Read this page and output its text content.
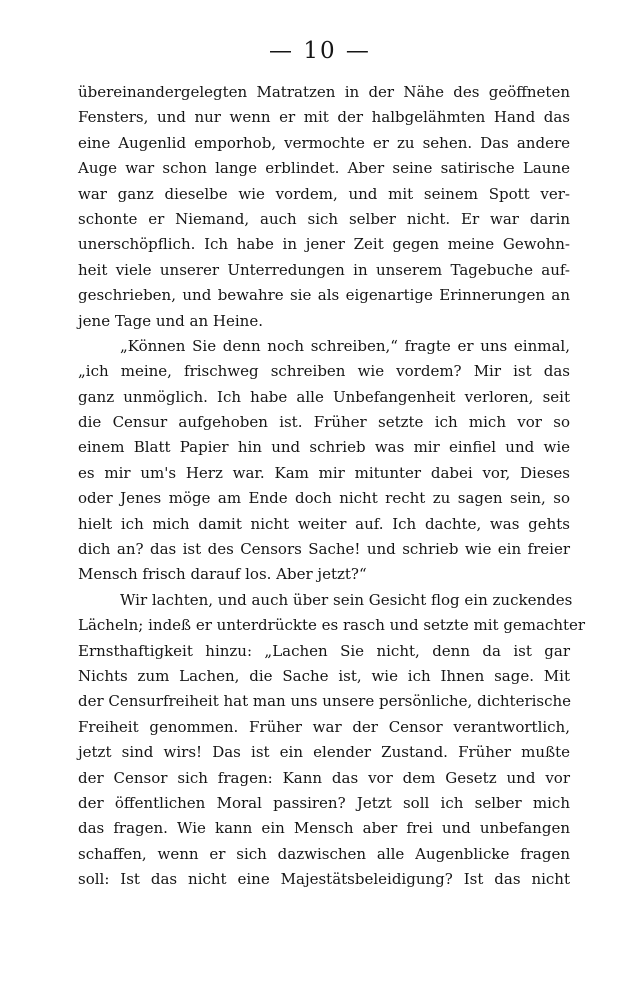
— 10 —

übereinandergelegten Matratzen in der Nähe des geöffneten
Fensters, und nur wenn er mit der halbgelähmten Hand das
eine Augenlid emporhob, vermochte er zu sehen. Das andere
Auge war schon lange erblindet. Aber seine satirische Laune
war ganz dieselbe wie vordem, und mit seinem Spott ver-
schonte er Niemand, auch sich selber nicht. Er war darin
unerschöpflich. Ich habe in jener Zeit gegen meine Gewohn-
heit viele unserer Unterredungen in unserem Tagebuche auf-
geschrieben, und bewahre sie als eigenartige Erinnerungen an
jene Tage und an Heine.
„Können Sie denn noch schreiben,“ fragte er uns einmal,
„ich meine, frischweg schreiben wie vordem? Mir ist das
ganz unmöglich. Ich habe alle Unbefangenheit verloren, seit
die Censur aufgehoben ist. Früher setzte ich mich vor so
einem Blatt Papier hin und schrieb was mir einfiel und wie
es mir um's Herz war. Kam mir mitunter dabei vor, Dieses
oder Jenes möge am Ende doch nicht recht zu sagen sein, so
hielt ich mich damit nicht weiter auf. Ich dachte, was gehts
dich an? das ist des Censors Sache! und schrieb wie ein freier
Mensch frisch darauf los. Aber jetzt?“
Wir lachten, und auch über sein Gesicht flog ein zuckendes
Lächeln; indeß er unterdrückte es rasch und setzte mit gemachter
Ernsthaftigkeit hinzu: „Lachen Sie nicht, denn da ist gar
Nichts zum Lachen, die Sache ist, wie ich Ihnen sage. Mit
der Censurfreiheit hat man uns unsere persönliche, dichterische
Freiheit genommen. Früher war der Censor verantwortlich,
jetzt sind wirs! Das ist ein elender Zustand. Früher mußte
der Censor sich fragen: Kann das vor dem Gesetz und vor
der öffentlichen Moral passiren? Jetzt soll ich selber mich
das fragen. Wie kann ein Mensch aber frei und unbefangen
schaffen, wenn er sich dazwischen alle Augenblicke fragen
soll: Ist das nicht eine Majestätsbeleidigung? Ist das nicht
